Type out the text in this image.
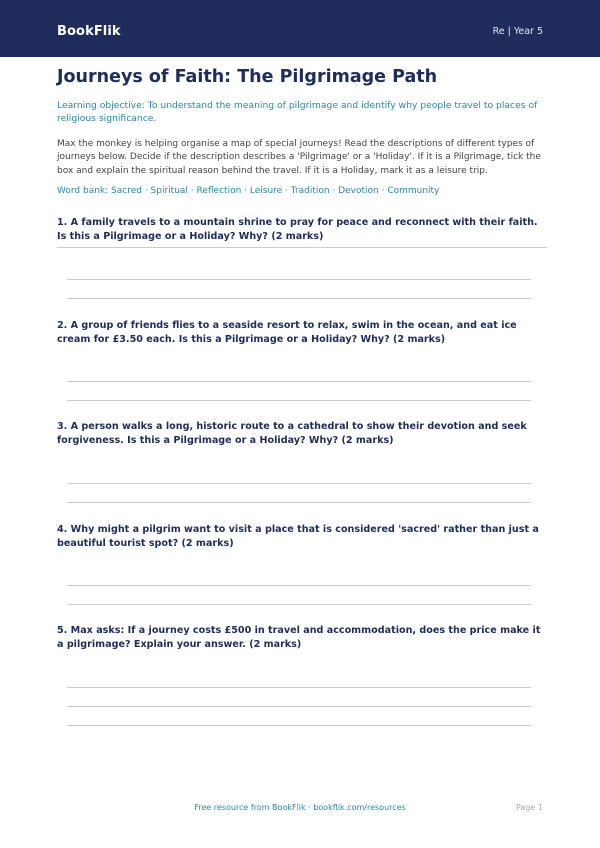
BookFlik	Re | Year 5
Journeys of Faith: The Pilgrimage Path
Learning objective: To understand the meaning of pilgrimage and identify why people travel to places of religious significance.
Max the monkey is helping organise a map of special journeys! Read the descriptions of different types of journeys below. Decide if the description describes a 'Pilgrimage' or a 'Holiday'. If it is a Pilgrimage, tick the box and explain the spiritual reason behind the travel. If it is a Holiday, mark it as a leisure trip.
Word bank: Sacred · Spiritual · Reflection · Leisure · Tradition · Devotion · Community
1. A family travels to a mountain shrine to pray for peace and reconnect with their faith. Is this a Pilgrimage or a Holiday? Why? (2 marks)
2. A group of friends flies to a seaside resort to relax, swim in the ocean, and eat ice cream for £3.50 each. Is this a Pilgrimage or a Holiday? Why? (2 marks)
3. A person walks a long, historic route to a cathedral to show their devotion and seek forgiveness. Is this a Pilgrimage or a Holiday? Why? (2 marks)
4. Why might a pilgrim want to visit a place that is considered 'sacred' rather than just a beautiful tourist spot? (2 marks)
5. Max asks: If a journey costs £500 in travel and accommodation, does the price make it a pilgrimage? Explain your answer. (2 marks)
Free resource from BookFlik · bookflik.com/resources	Page 1
